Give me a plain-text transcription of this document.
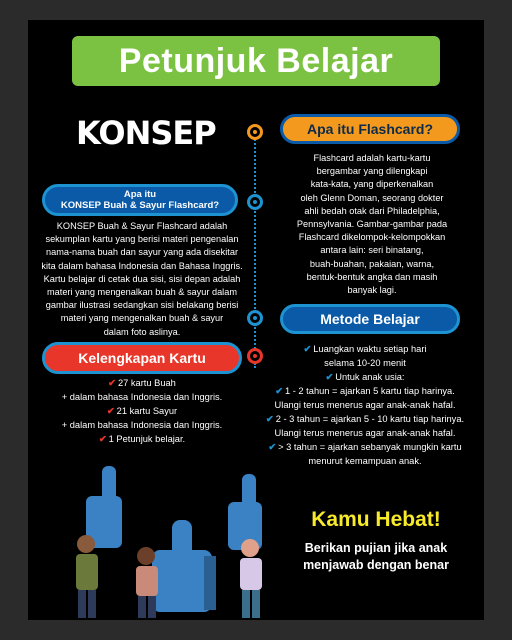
Petunjuk Belajar
KONSEP	Apa itu Flashcard?
Flashcard adalah kartu-kartu
bergambar yang dilengkapi
kata-kata, yang diperkenalkan
oleh Glenn Doman, seorang dokter
ahli bedah otak dari Philadelphia,
Pennsylvania. Gambar-gambar pada
Flashcard dikelompok-kelompokkan
antara lain: seri binatang,
buah-buahan, pakaian, warna,
bentuk-bentuk angka dan masih
banyak lagi.
Apa itu
KONSEP Buah & Sayur Flashcard?
KONSEP Buah & Sayur Flashcard adalah
sekumplan kartu yang berisi materi pengenalan
nama-nama buah dan sayur yang ada disekitar
kita dalam bahasa Indonesia dan Bahasa Inggris.
Kartu belajar di cetak dua sisi, sisi depan adalah
materi yang mengenalkan buah & sayur dalam
gambar ilustrasi sedangkan sisi belakang berisi
materi yang mengenalkan buah & sayur
dalam foto aslinya.
Metode Belajar
✔ Luangkan waktu setiap hari
selama 10-20 menit
✔ Untuk anak usia:
✔ 1 - 2 tahun = ajarkan 5 kartu tiap harinya.
Ulangi terus menerus agar anak-anak hafal.
✔ 2 - 3 tahun = ajarkan 5 - 10 kartu tiap harinya.
Ulangi terus menerus agar anak-anak hafal.
✔ > 3 tahun = ajarkan sebanyak mungkin kartu
menurut kemampuan anak.
Kelengkapan Kartu
✔ 27 kartu Buah
+ dalam bahasa Indonesia dan Inggris.
✔ 21 kartu Sayur
+ dalam bahasa Indonesia dan Inggris.
✔ 1 Petunjuk belajar.
Kamu Hebat!
Berikan pujian jika anak
menjawab dengan benar
